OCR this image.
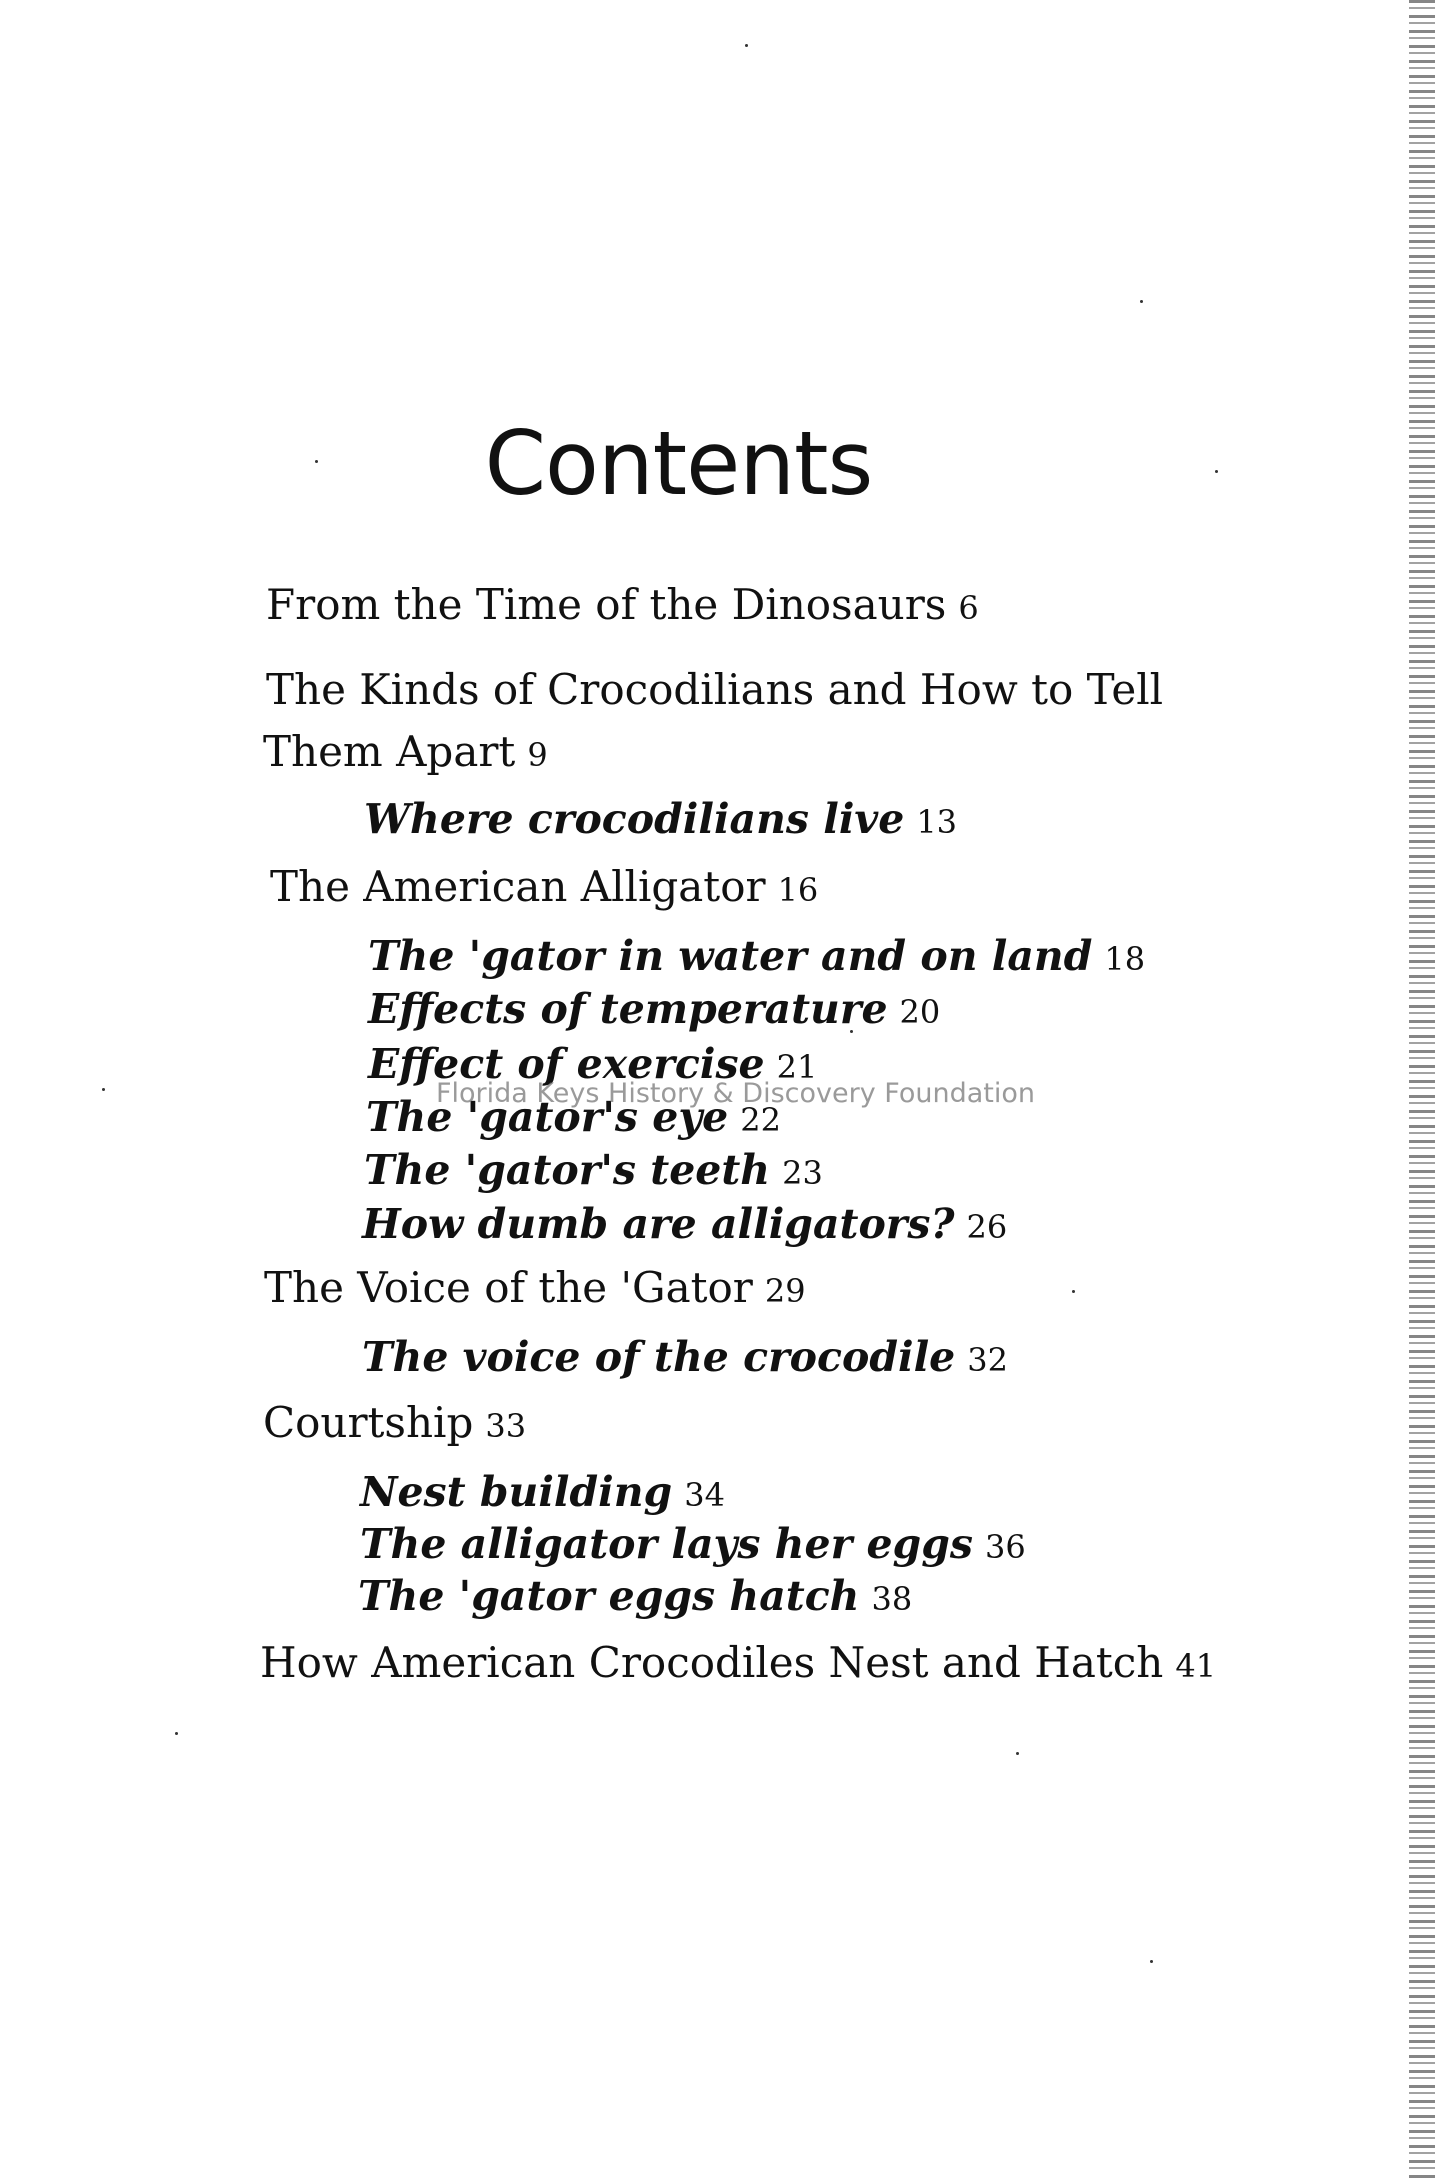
Contents
From the Time of the Dinosaurs 6
The Kinds of Crocodilians and How to Tell
Them Apart 9
Where crocodilians live 13
The American Alligator 16
The 'gator in water and on land 18
Effects of temperature 20
Effect of exercise 21
The 'gator's eye 22
The 'gator's teeth 23
How dumb are alligators? 26
The Voice of the 'Gator 29
The voice of the crocodile 32
Courtship 33
Nest building 34
The alligator lays her eggs 36
The 'gator eggs hatch 38
How American Crocodiles Nest and Hatch 41
Florida Keys History & Discovery Foundation
